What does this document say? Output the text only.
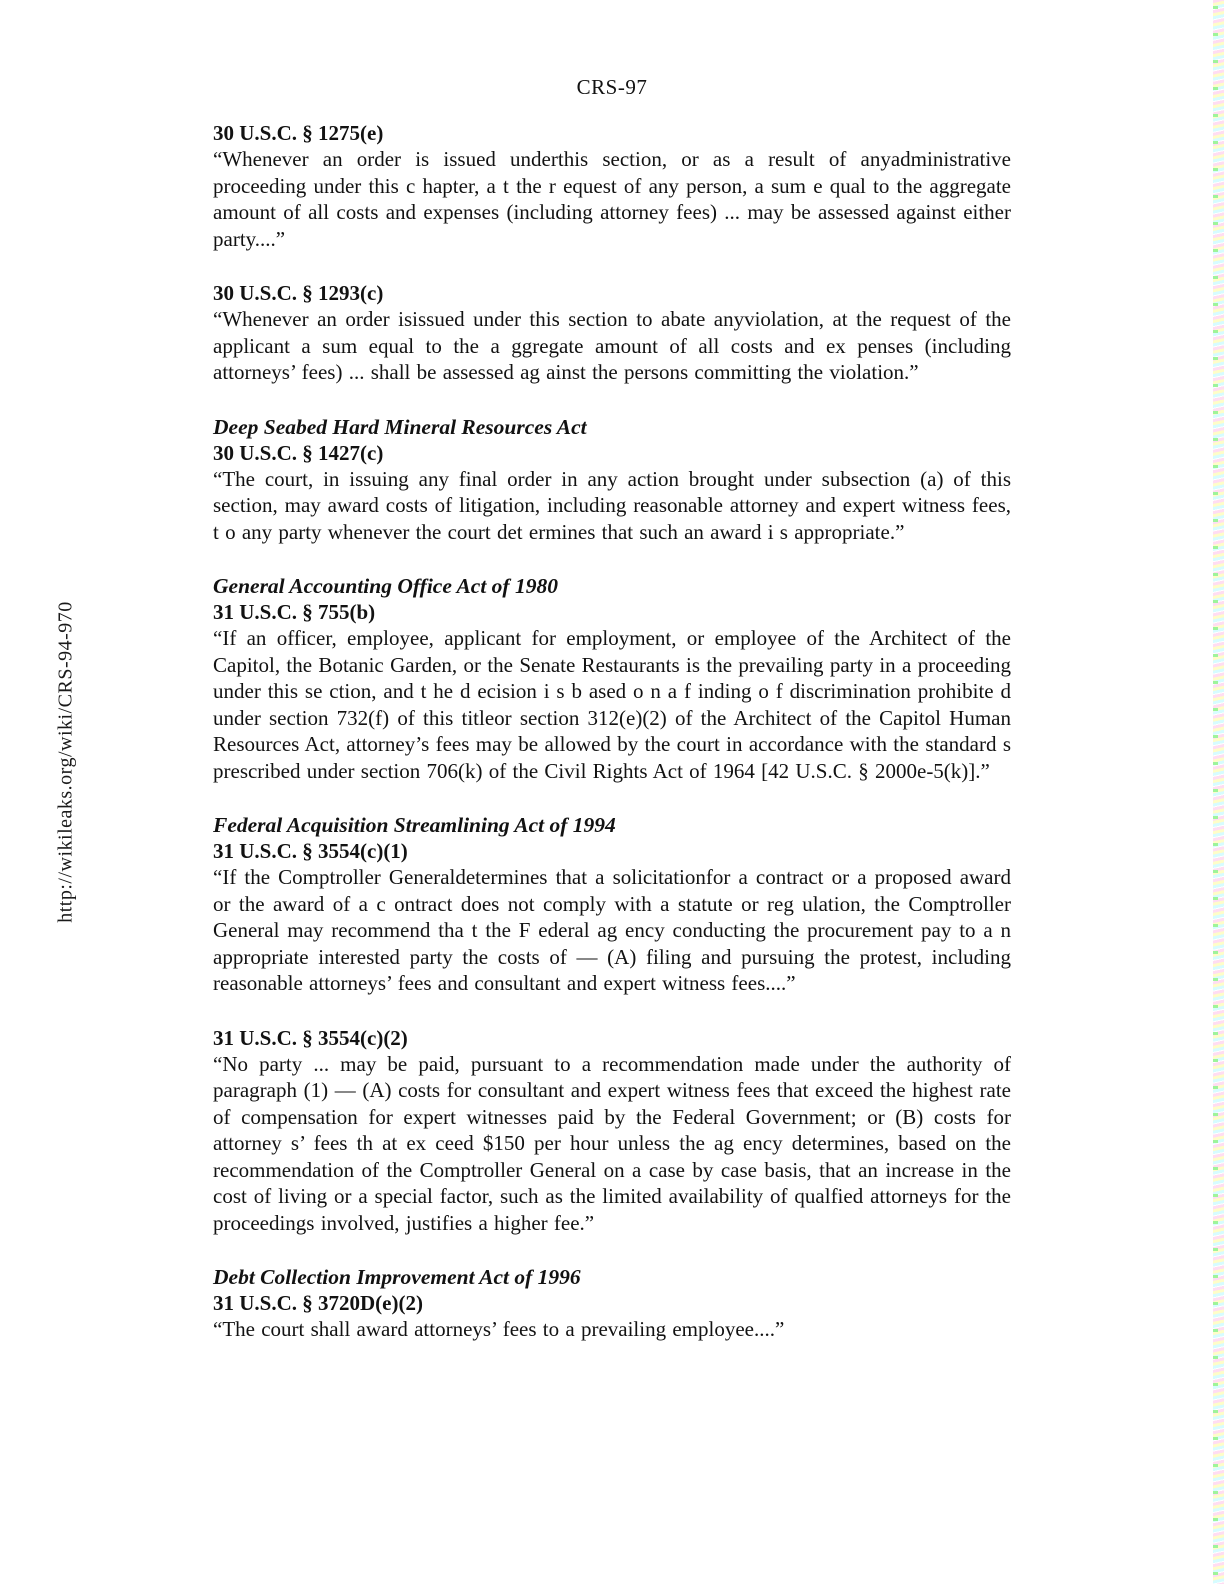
http://wikileaks.org/wiki/CRS-94-970
CRS-97
30 U.S.C. § 1275(e)

“Whenever an order is issued underthis section, or as a result of anyadministrative proceeding under this c hapter, a t the r equest of any person, a sum e qual to the aggregate amount of all costs and expenses (including attorney fees) ... may be assessed against either party....”

30 U.S.C. § 1293(c)

“Whenever an order isissued under this section to abate anyviolation, at the request of the applicant a sum equal to the a ggregate amount of all costs and ex penses (including attorneys’ fees) ... shall be assessed ag ainst the persons committing the violation.”

Deep Seabed Hard Mineral Resources Act
30 U.S.C. § 1427(c)

“The court, in issuing any final order in any action brought under subsection (a) of this section, may award costs of litigation, including reasonable attorney and expert witness fees, t o any party whenever the court det ermines that such an award i s appropriate.”

General Accounting Office Act of 1980
31 U.S.C. § 755(b)

“If an officer, employee, applicant for employment, or employee of the Architect of the Capitol, the Botanic Garden, or the Senate Restaurants is the prevailing party in a proceeding under this se ction, and t he d ecision i s b ased o n a f inding o f discrimination prohibite d under section 732(f) of this titleor section 312(e)(2) of the Architect of the Capitol Human Resources Act, attorney’s fees may be allowed by the court in accordance with the standard s prescribed under section 706(k) of the Civil Rights Act of 1964 [42 U.S.C. § 2000e-5(k)].”

Federal Acquisition Streamlining Act of 1994
31 U.S.C. § 3554(c)(1)

“If the Comptroller Generaldetermines that a solicitationfor a contract or a proposed award or the award of a c ontract does not comply with a statute or reg ulation, the Comptroller General may recommend tha t the F ederal ag ency conducting the procurement pay to a n appropriate interested party the costs of — (A) filing and pursuing the protest, including reasonable attorneys’ fees and consultant and expert witness fees....”

31 U.S.C. § 3554(c)(2)

“No party ... may be paid, pursuant to a recommendation made under the authority of paragraph (1) — (A) costs for consultant and expert witness fees that exceed the highest rate of compensation for expert witnesses paid by the Federal Government; or (B) costs for attorney s’ fees th at ex ceed $150 per hour unless the ag ency determines, based on the recommendation of the Comptroller General on a case by case basis, that an increase in the cost of living or a special factor, such as the limited availability of qualfied attorneys for the proceedings involved, justifies a higher fee.”

Debt Collection Improvement Act of 1996
31 U.S.C. § 3720D(e)(2)

“The court shall award attorneys’ fees to a prevailing employee....”
